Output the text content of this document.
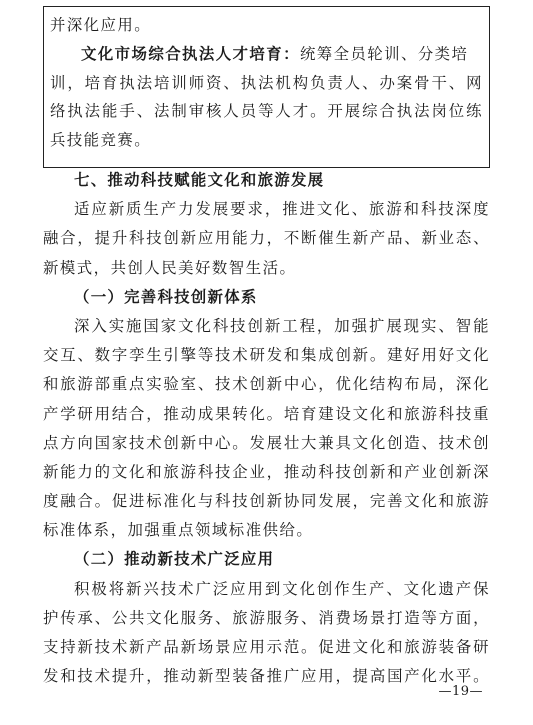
并深化应用。
文化市场综合执法人才培育：统筹全员轮训、分类培
训，培育执法培训师资、执法机构负责人、办案骨干、网
络执法能手、法制审核人员等人才。开展综合执法岗位练
兵技能竞赛。
七、推动科技赋能文化和旅游发展
适应新质生产力发展要求，推进文化、旅游和科技深度
融合，提升科技创新应用能力，不断催生新产品、新业态、
新模式，共创人民美好数智生活。
（一）完善科技创新体系
深入实施国家文化科技创新工程，加强扩展现实、智能
交互、数字孪生引擎等技术研发和集成创新。建好用好文化
和旅游部重点实验室、技术创新中心，优化结构布局，深化
产学研用结合，推动成果转化。培育建设文化和旅游科技重
点方向国家技术创新中心。发展壮大兼具文化创造、技术创
新能力的文化和旅游科技企业，推动科技创新和产业创新深
度融合。促进标准化与科技创新协同发展，完善文化和旅游
标准体系，加强重点领域标准供给。
（二）推动新技术广泛应用
积极将新兴技术广泛应用到文化创作生产、文化遗产保
护传承、公共文化服务、旅游服务、消费场景打造等方面，
支持新技术新产品新场景应用示范。促进文化和旅游装备研
发和技术提升，推动新型装备推广应用，提高国产化水平。
—19—
